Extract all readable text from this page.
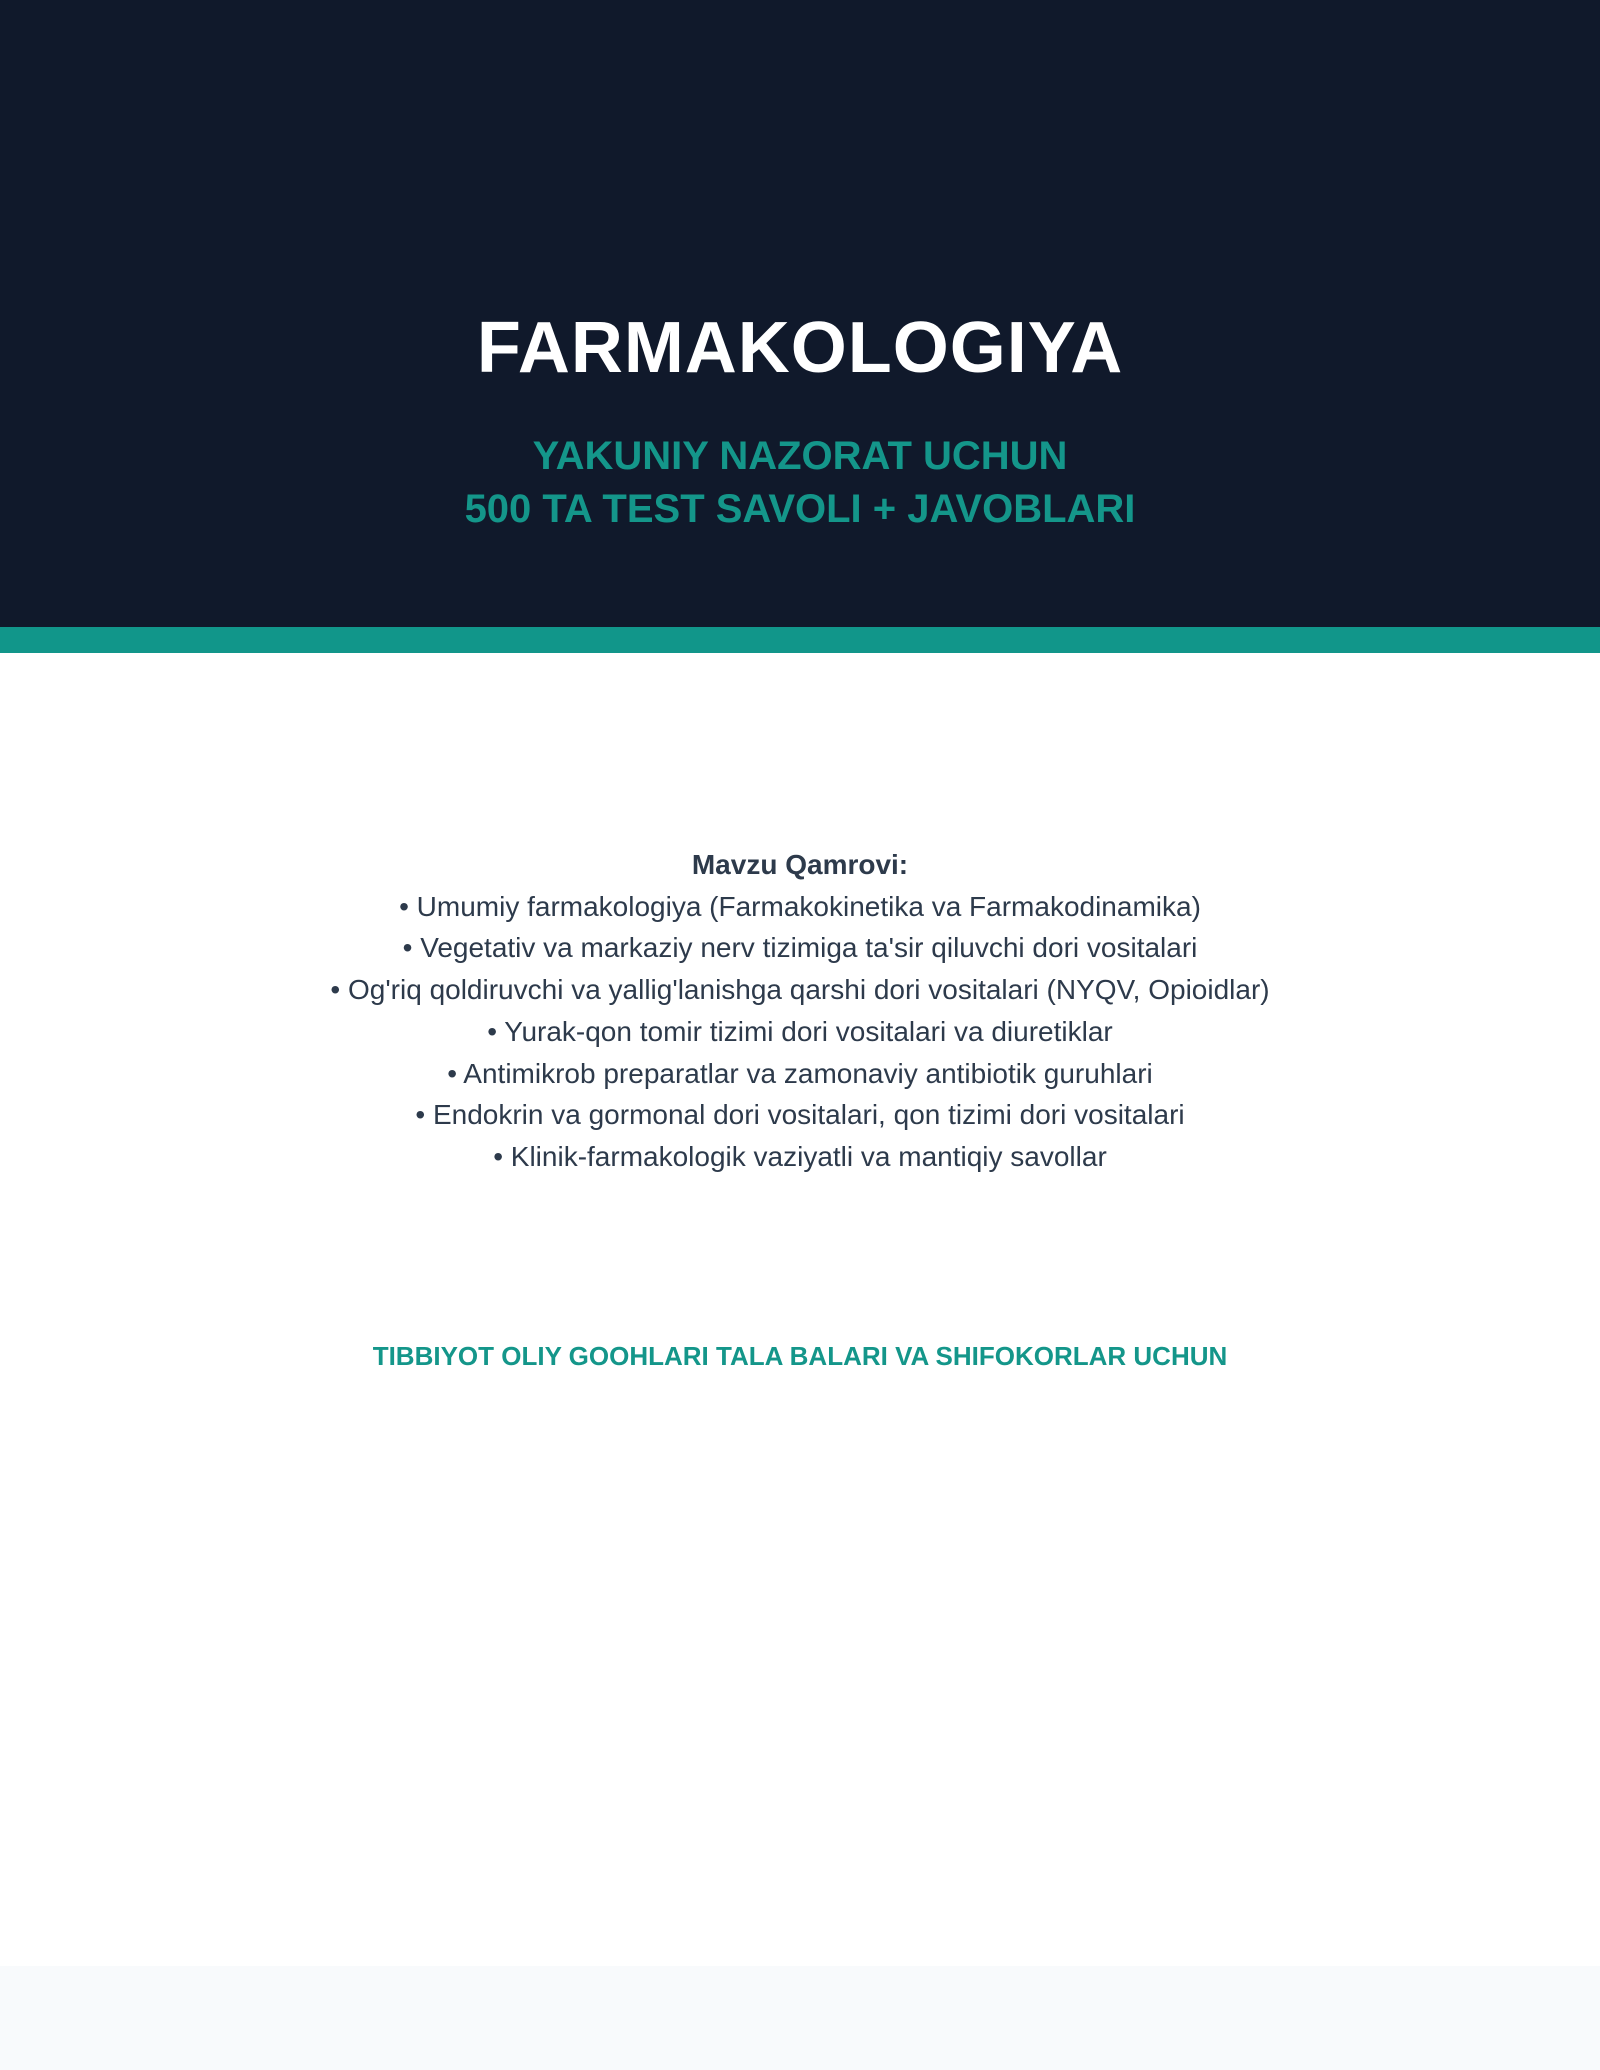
FARMAKOLOGIYA
YAKUNIY NAZORAT UCHUN
500 TA TEST SAVOLI + JAVOBLARI
Mavzu Qamrovi:
• Umumiy farmakologiya (Farmakokinetika va Farmakodinamika)
• Vegetativ va markaziy nerv tizimiga ta'sir qiluvchi dori vositalari
• Og'riq qoldiruvchi va yallig'lanishga qarshi dori vositalari (NYQV, Opioidlar)
• Yurak-qon tomir tizimi dori vositalari va diuretiklar
• Antimikrob preparatlar va zamonaviy antibiotik guruhlari
• Endokrin va gormonal dori vositalari, qon tizimi dori vositalari
• Klinik-farmakologik vaziyatli va mantiqiy savollar
TIBBIYOT OLIY GOOHLARI TALA BALARI VA SHIFOKORLAR UCHUN
